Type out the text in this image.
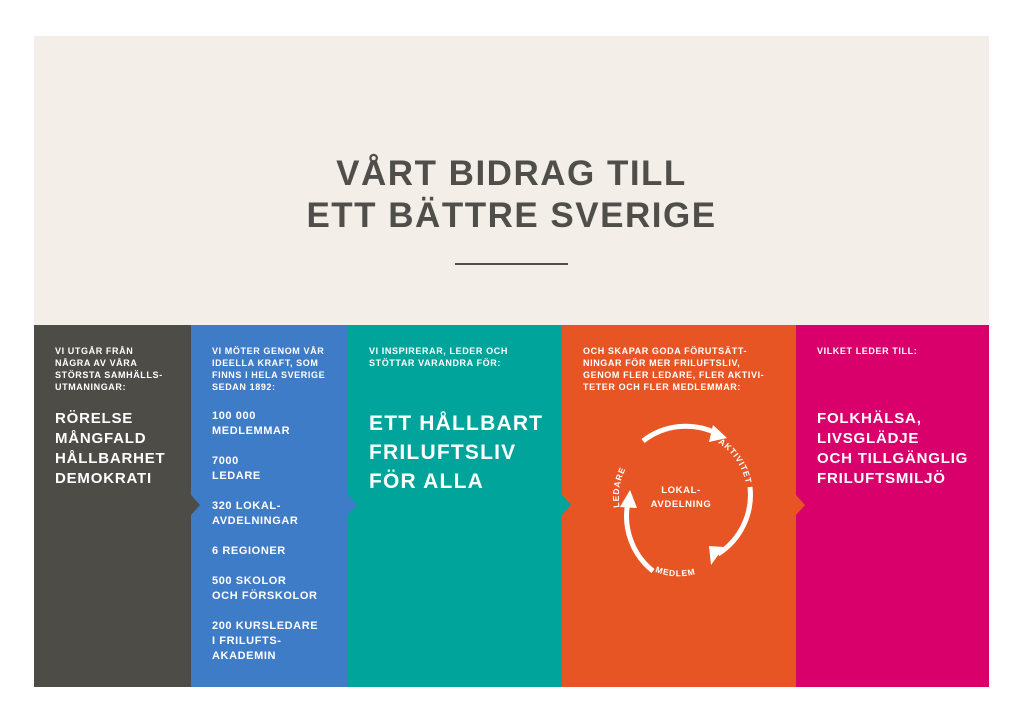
VÅRT BIDRAG TILL
ETT BÄTTRE SVERIGE
VI UTGÅR FRÅN
NÅGRA AV VÅRA
STÖRSTA SAMHÄLLS-
UTMANINGAR:
RÖRELSE
MÅNGFALD
HÅLLBARHET
DEMOKRATI
VI MÖTER GENOM VÅR
IDEELLA KRAFT, SOM
FINNS I HELA SVERIGE
SEDAN 1892:
100 000
MEDLEMMAR
7000
LEDARE
320 LOKAL-
AVDELNINGAR
6 REGIONER
500 SKOLOR
OCH FÖRSKOLOR
200 KURSLEDARE
I FRILUFTS-
AKADEMIN
VI INSPIRERAR, LEDER OCH
STÖTTAR VARANDRA FÖR:
ETT HÅLLBART
FRILUFTSLIV
FÖR ALLA
OCH SKAPAR GODA FÖRUTSÄTT-
NINGAR FÖR MER FRILUFTSLIV,
GENOM FLER LEDARE, FLER AKTIVI-
TETER OCH FLER MEDLEMMAR:
LEDARE
AKTIVITET
MEDLEM
LOKAL-
AVDELNING
VILKET LEDER TILL:
FOLKHÄLSA,
LIVSGLÄDJE
OCH TILLGÄNGLIG
FRILUFTSMILJÖ
